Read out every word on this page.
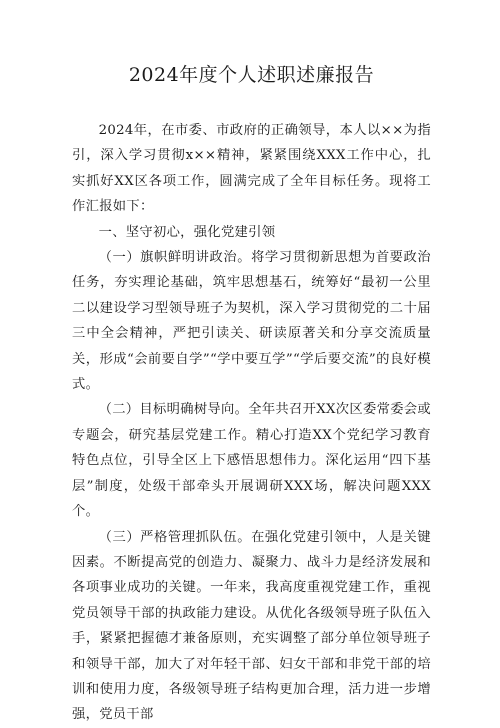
2024年度个人述职述廉报告

2024年，在市委、市政府的正确领导，本人以××为指引，深入学习贯彻x××精神，紧紧围绕XXX工作中心，扎实抓好XX区各项工作，圆满完成了全年目标任务。现将工作汇报如下：

一、坚守初心，强化党建引领

（一）旗帜鲜明讲政治。将学习贯彻新思想为首要政治任务，夯实理论基础，筑牢思想基石，统筹好“最初一公里二以建设学习型领导班子为契机，深入学习贯彻党的二十届三中全会精神，严把引读关、研读原著关和分享交流质量关，形成“会前要自学”“学中要互学”“学后要交流”的良好模式。

（二）目标明确树导向。全年共召开XX次区委常委会或专题会，研究基层党建工作。精心打造XX个党纪学习教育特色点位，引导全区上下感悟思想伟力。深化运用“四下基层”制度，处级干部牵头开展调研XXX场，解决问题XXX个。

（三）严格管理抓队伍。在强化党建引领中，人是关键因素。不断提高党的创造力、凝聚力、战斗力是经济发展和各项事业成功的关键。一年来，我高度重视党建工作，重视党员领导干部的执政能力建设。从优化各级领导班子队伍入手，紧紧把握德才兼备原则，充实调整了部分单位领导班子和领导干部，加大了对年轻干部、妇女干部和非党干部的培训和使用力度，各级领导班子结构更加合理，活力进一步增强，党员干部
